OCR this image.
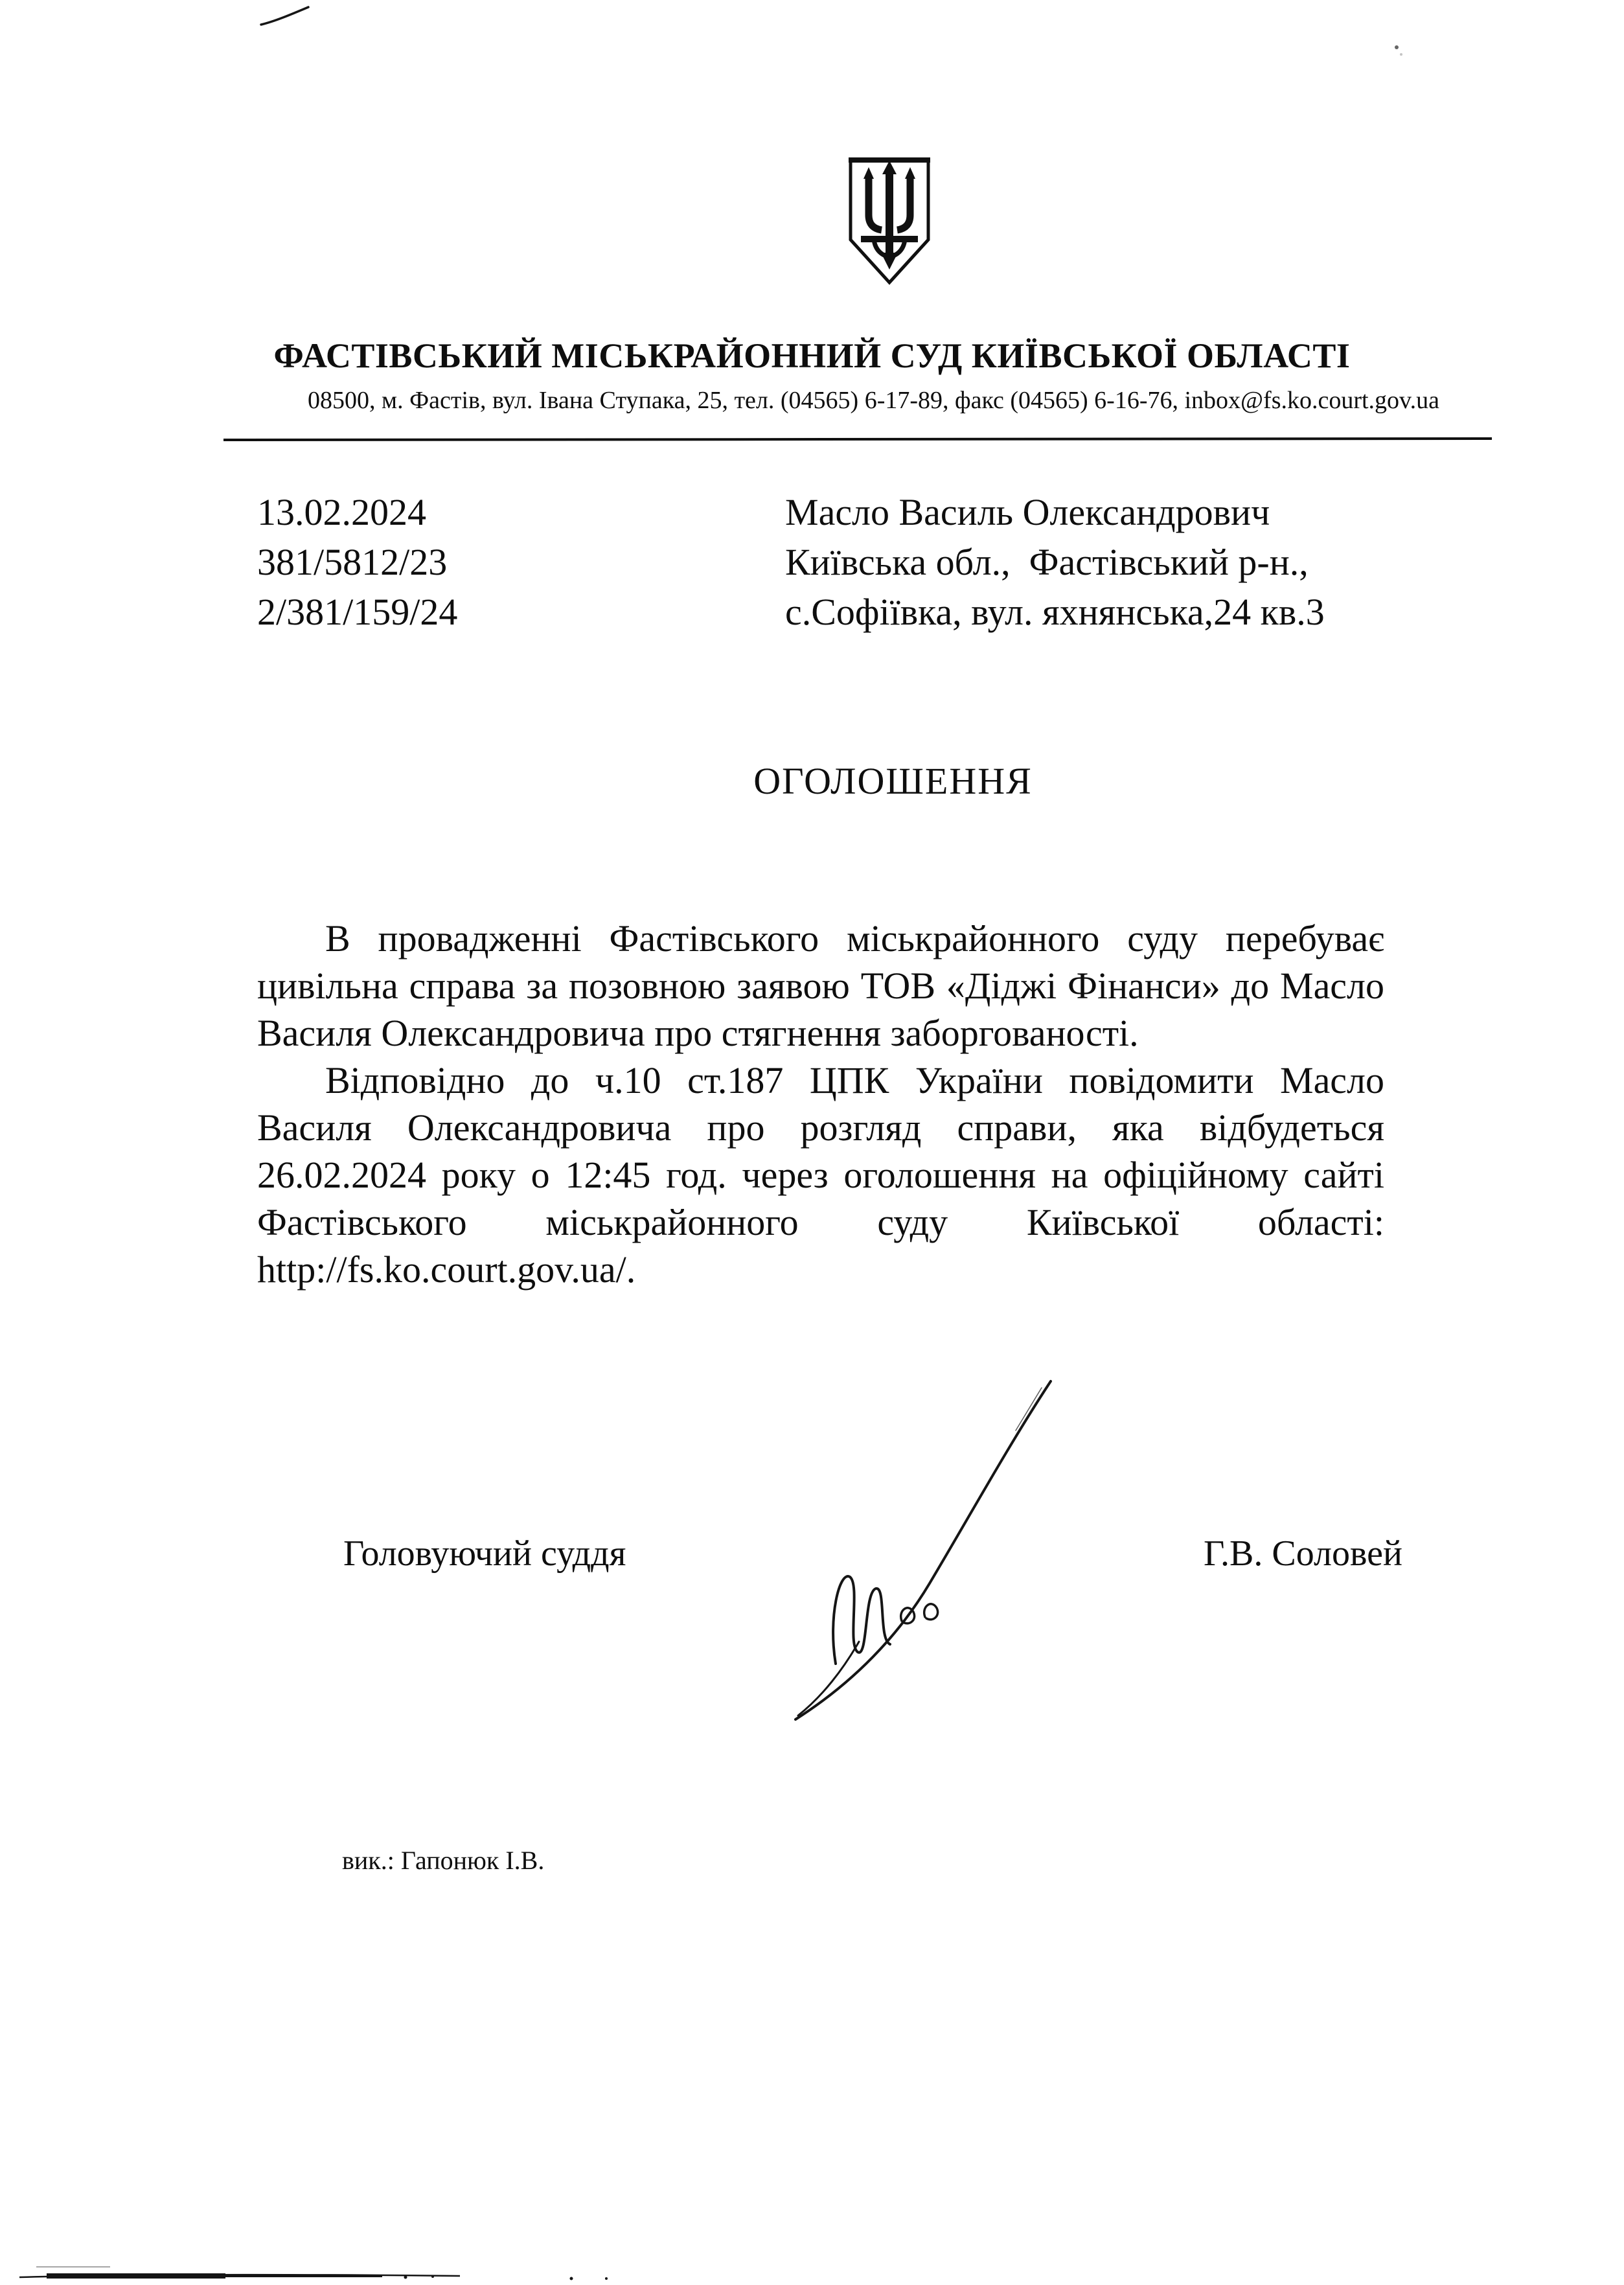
ФАСТІВСЬКИЙ МІСЬКРАЙОННИЙ СУД КИЇВСЬКОЇ ОБЛАСТІ
08500, м. Фастів, вул. Івана Ступака, 25, тел. (04565) 6-17-89, факс (04565) 6-16-76, inbox@fs.ko.court.gov.ua
13.02.2024
381/5812/23
2/381/159/24
Масло Василь Олександрович
Київська обл.,  Фастівський р-н.,
с.Софіївка, вул. яхнянська,24 кв.3
ОГОЛОШЕННЯ

В провадженні Фастівського міськрайонного суду перебуває цивільна справа за позовною заявою ТОВ «Діджі Фінанси» до Масло Василя Олександровича про стягнення заборгованості.

Відповідно до ч.10 ст.187 ЦПК України повідомити Масло Василя Олександровича про розгляд справи, яка відбудеться 26.02.2024 року о 12:45 год. через оголошення на офіційному сайті Фастівського міськрайонного суду Київської області: http://fs.ko.court.gov.ua/.

Головуючий суддя	Г.В. Соловей
вик.: Гапонюк І.В.
